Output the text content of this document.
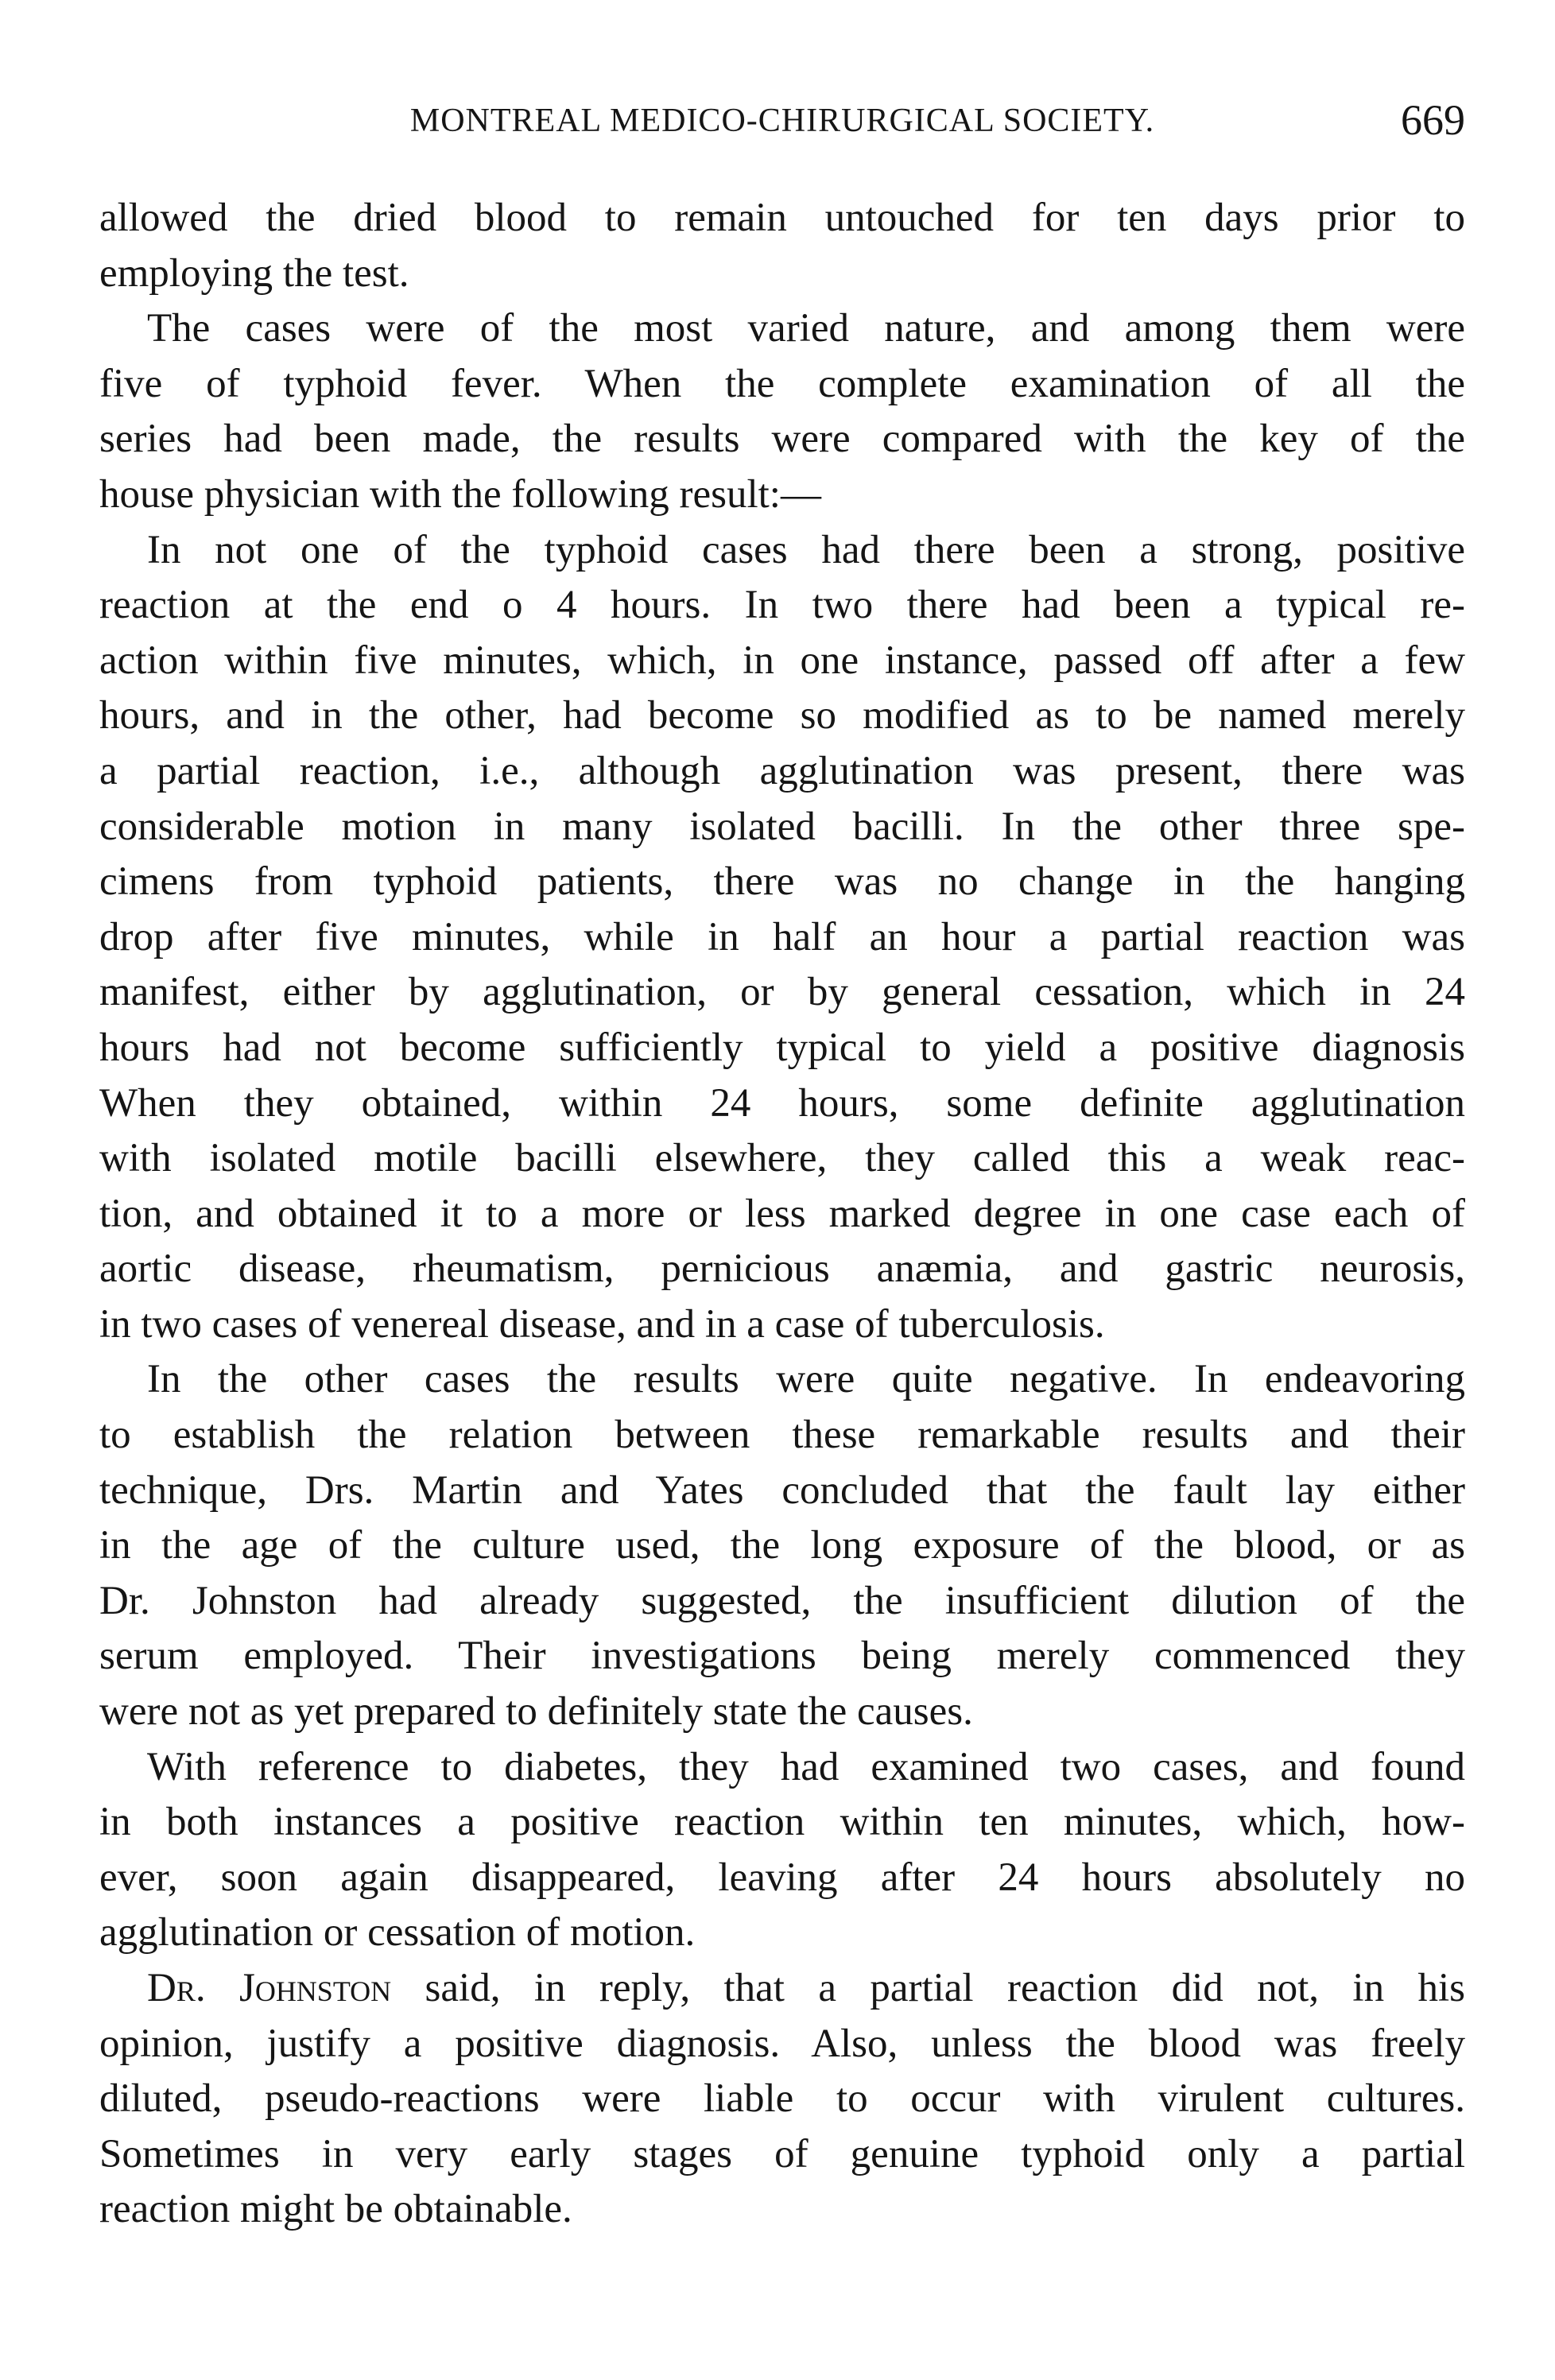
MONTREAL MEDICO-CHIRURGICAL SOCIETY.	669
allowed the dried blood to remain untouched for ten days prior to
employing the test.
The cases were of the most varied nature, and among them were
five of typhoid fever. When the complete examination of all the
series had been made, the results were compared with the key of the
house physician with the following result:—
In not one of the typhoid cases had there been a strong, positive
reaction at the end o 4 hours. In two there had been a typical re-
action within five minutes, which, in one instance, passed off after a few
hours, and in the other, had become so modified as to be named merely
a partial reaction, i.e., although agglutination was present, there was
considerable motion in many isolated bacilli. In the other three spe-
cimens from typhoid patients, there was no change in the hanging
drop after five minutes, while in half an hour a partial reaction was
manifest, either by agglutination, or by general cessation, which in 24
hours had not become sufficiently typical to yield a positive diagnosis
When they obtained, within 24 hours, some definite agglutination
with isolated motile bacilli elsewhere, they called this a weak reac-
tion, and obtained it to a more or less marked degree in one case each of
aortic disease, rheumatism, pernicious anæmia, and gastric neurosis,
in two cases of venereal disease, and in a case of tuberculosis.
In the other cases the results were quite negative. In endeavoring
to establish the relation between these remarkable results and their
technique, Drs. Martin and Yates concluded that the fault lay either
in the age of the culture used, the long exposure of the blood, or as
Dr. Johnston had already suggested, the insufficient dilution of the
serum employed. Their investigations being merely commenced they
were not as yet prepared to definitely state the causes.
With reference to diabetes, they had examined two cases, and found
in both instances a positive reaction within ten minutes, which, how-
ever, soon again disappeared, leaving after 24 hours absolutely no
agglutination or cessation of motion.
Dr. Johnston said, in reply, that a partial reaction did not, in his
opinion, justify a positive diagnosis. Also, unless the blood was freely
diluted, pseudo-reactions were liable to occur with virulent cultures.
Sometimes in very early stages of genuine typhoid only a partial
reaction might be obtainable.
